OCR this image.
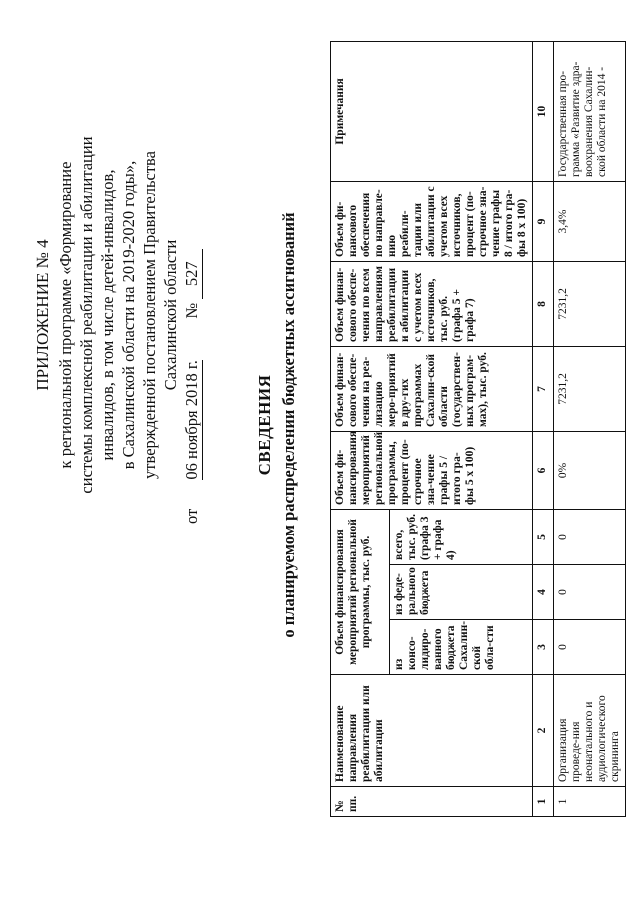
ПРИЛОЖЕНИЕ № 4 к региональной программе «Формирование системы комплексной реабилитации и абилитации инвалидов, в том числе детей-инвалидов, в Сахалинской области на 2019-2020 годы», утвержденной постановлением Правительства Сахалинской области
от       06 ноября 2018 г.          № 527
СВЕДЕНИЯ о планируемом распределении бюджетных ассигнований
№ пп.	Наименование направления реабилитации или абилитации	Объем финансирования мероприятий региональной программы, тыс. руб.			Объем фи-нансирования мероприятий региональной программы, процент (по-строчное зна-чение графы 5 / итого гра-фы 5 x 100)	Объем финан-сового обеспе-чения на реа-лизацию меро-приятий в дру-гих программах Сахалин-ской области (государствен-ных програм-мах), тыс. руб.	Объем финан-сового обеспе-чения по всем направлениям реабилитации и абилитации с учетом всех источников, тыс. руб. (графа 5 + графа 7)	Объем фи-нансового обеспечения по направле-нию реабили-тации или абилитации с учетом всех источников, процент (по-строчное зна-чение графы 8 / итого гра-фы 8 x 100)	Примечания
		из консо-лидиро-ванного бюджета Сахалин-ской обла-сти	из феде-рального бюджета	всего, тыс. руб. (графа 3 + графа 4)					
1	2	3	4	5	6	7	8	9	10
1	Организация проведе-ния неонатального и аудиологического скрининга	0	0	0	0%	7231,2	7231,2	3,4%	Государственная про-грамма «Развитие здра-воохранения Сахалин-ской области на 2014 -
